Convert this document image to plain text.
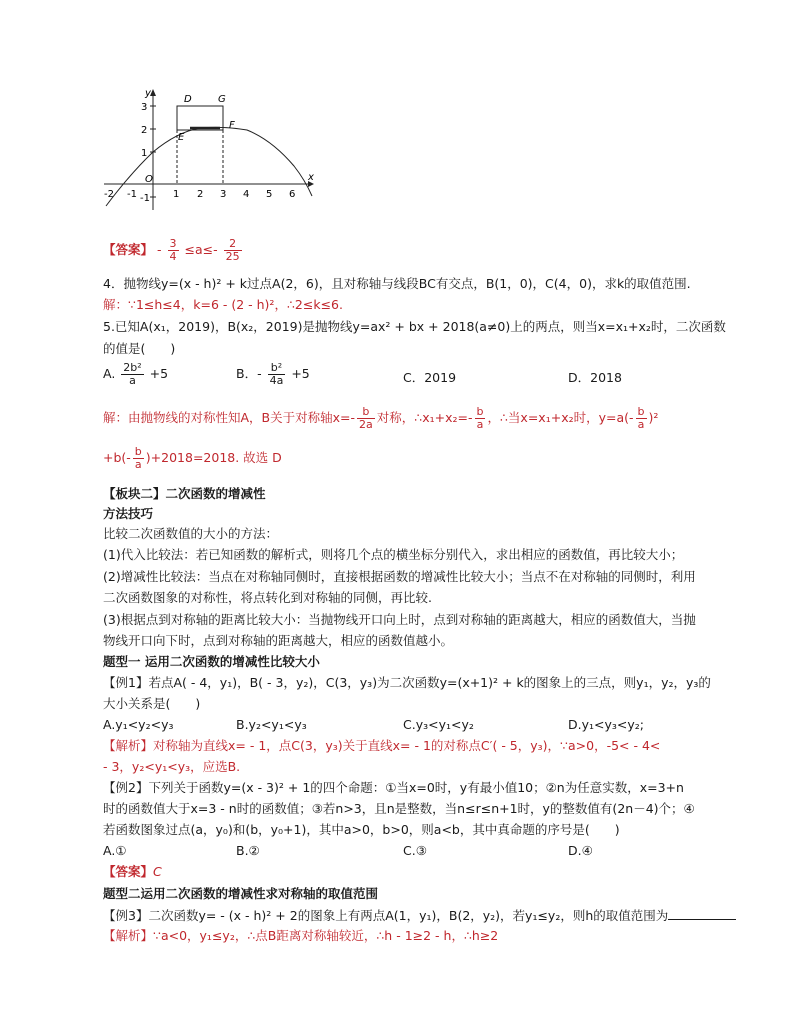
y
x
3
2
1
-1
-2 -1
O
1 2 3 4 5 6
D	G
E
F
【答案】 - $\frac{3}{4} \le a\le- \frac{2}{25}$
4．抛物线y=(x - h)² + k过点A(2，6)，且对称轴与线段BC有交点，B(1，0)，C(4，0)，求k的取值范围.
解：∵1≤h≤4，k=6 - (2 - h)²，∴2≤k≤6.
5.已知A(x₁，2019)，B(x₂，2019)是抛物线y=ax² + bx + 2018(a≠0)上的两点，则当x=x₁+x₂时，二次函数
的值是(　　)
A. $\frac{\text{2b²}}{a} +5$	B．- $\frac{\text{b²}}{4a} +5$	C．2019	D．2018
解：由抛物线的对称性知A，B关于对称轴$x=- \frac{b}{2a}$ 对称，∴x₁+x₂=- $\frac{b}{a}$ ，∴当x=x₁+x₂时，$y=a(- \frac{b}{a} )^2$
$+b(- \frac{b}{a} )+2018=2018$. 故选 D
【板块二】二次函数的增减性
方法技巧
比较二次函数值的大小的方法：
(1)代入比较法：若已知函数的解析式，则将几个点的横坐标分别代入，求出相应的函数值，再比较大小；
(2)增减性比较法：当点在对称轴同侧时，直接根据函数的增减性比较大小；当点不在对称轴的同侧时，利用
二次函数图象的对称性，将点转化到对称轴的同侧，再比较.
(3)根据点到对称轴的距离比较大小：当抛物线开口向上时，点到对称轴的距离越大，相应的函数值大，当抛
物线开口向下时，点到对称轴的距离越大，相应的函数值越小。
题型一 运用二次函数的增减性比较大小
【例1】若点A( - 4，y₁)，B( - 3，y₂)，C(3，y₃)为二次函数y=(x+1)² + k的图象上的三点，则y₁，y₂，y₃的
大小关系是(　　)
A.y₁<y₂<y₃	B.y₂<y₁<y₃	C.y₃<y₁<y₂	D.y₁<y₃<y₂;
【解析】对称轴为直线x= - 1，点C(3，y₃)关于直线x= - 1的对称点C′( - 5，y₃)，∵a>0，-5< - 4<
- 3，y₂<y₁<y₃，应选B.
【例2】下列关于函数y=(x - 3)² + 1的四个命题：①当x=0时，y有最小值10；②n为任意实数，x=3+n
时的函数值大于x=3 - n时的函数值；③若n>3，且n是整数，当n≤r≤n+1时，y的整数值有(2n－4)个；④
若函数图象过点(a，y₀)和(b，y₀+1)，其中a>0，b>0，则a<b，其中真命题的序号是(　　)
A.①	B.②	C.③	D.④
【答案】C
题型二运用二次函数的增减性求对称轴的取值范围
【例3】二次函数y= - (x - h)² + 2的图象上有两点A(1，y₁)，B(2，y₂)，若y₁≤y₂，则h的取值范围为
【解析】∵a<0，y₁≤y₂，∴点B距离对称轴较近，∴h - 1≥2 - h，∴h≥2
